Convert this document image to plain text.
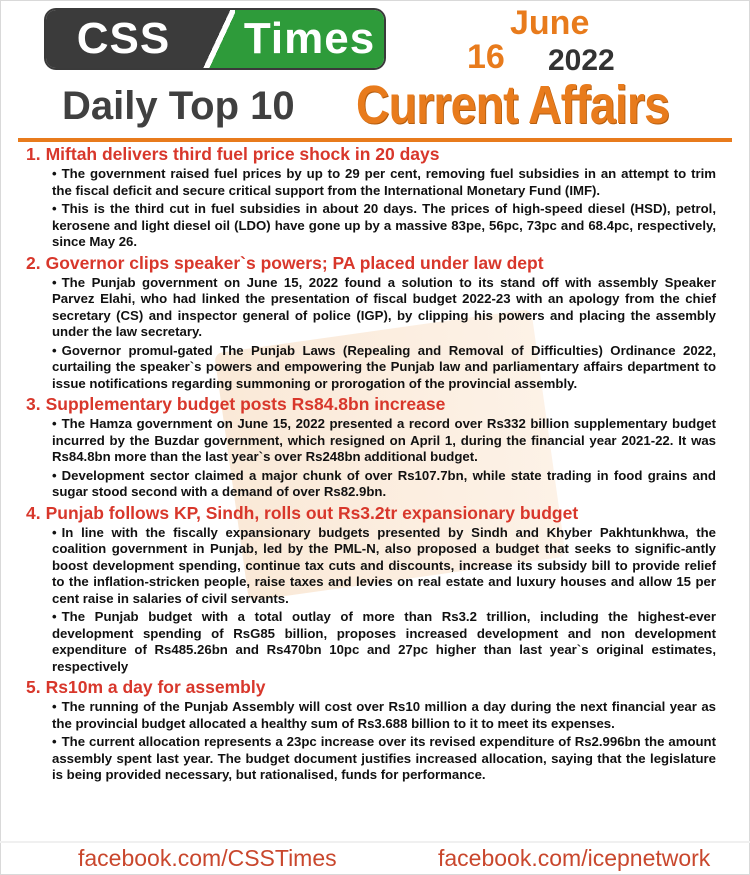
CSS	Times	June
16 2022
Daily Top 10 Current Affairs
1. Miftah delivers third fuel price shock in 20 days
• The government raised fuel prices by up to 29 per cent, removing fuel subsidies in an attempt to trim the fiscal deficit and secure critical support from the International Monetary Fund (IMF).
• This is the third cut in fuel subsidies in about 20 days. The prices of high-speed diesel (HSD), petrol, kerosene and light diesel oil (LDO) have gone up by a massive 83pe, 56pc, 73pc and 68.4pc, respectively, since May 26.
2. Governor clips speaker`s powers; PA placed under law dept
• The Punjab government on June 15, 2022 found a solution to its stand off with assembly Speaker Parvez Elahi, who had linked the presentation of fiscal budget 2022-23 with an apology from the chief secretary (CS) and inspector general of police (IGP), by clipping his powers and placing the assembly under the law secretary.
• Governor promul-gated The Punjab Laws (Repealing and Removal of Difficulties) Ordinance 2022, curtailing the speaker`s powers and empowering the Punjab law and parliamentary affairs department to issue notifications regarding summoning or prorogation of the provincial assembly.
3. Supplementary budget posts Rs84.8bn increase
• The Hamza government on June 15, 2022 presented a record over Rs332 billion supplementary budget incurred by the Buzdar government, which resigned on April 1, during the financial year 2021-22. It was Rs84.8bn more than the last year`s over Rs248bn additional budget.
• Development sector claimed a major chunk of over Rs107.7bn, while state trading in food grains and sugar stood second with a demand of over Rs82.9bn.
4. Punjab follows KP, Sindh, rolls out Rs3.2tr expansionary budget
• In line with the fiscally expansionary budgets presented by Sindh and Khyber Pakhtunkhwa, the coalition government in Punjab, led by the PML-N, also proposed a budget that seeks to signific-antly boost development spending, continue tax cuts and discounts, increase its subsidy bill to provide relief to the inflation-stricken people, raise taxes and levies on real estate and luxury houses and allow 15 per cent raise in salaries of civil servants.
• The Punjab budget with a total outlay of more than Rs3.2 trillion, including the highest-ever development spending of RsG85 billion, proposes increased development and non development expenditure of Rs485.26bn and Rs470bn 10pc and 27pc higher than last year`s original estimates, respectively
5. Rs10m a day for assembly
• The running of the Punjab Assembly will cost over Rs10 million a day during the next financial year as the provincial budget allocated a healthy sum of Rs3.688 billion to it to meet its expenses.
• The current allocation represents a 23pc increase over its revised expenditure of Rs2.996bn the amount assembly spent last year. The budget document justifies increased allocation, saying that the legislature is being provided necessary, but rationalised, funds for performance.
facebook.com/CSSTimes	facebook.com/icepnetwork
